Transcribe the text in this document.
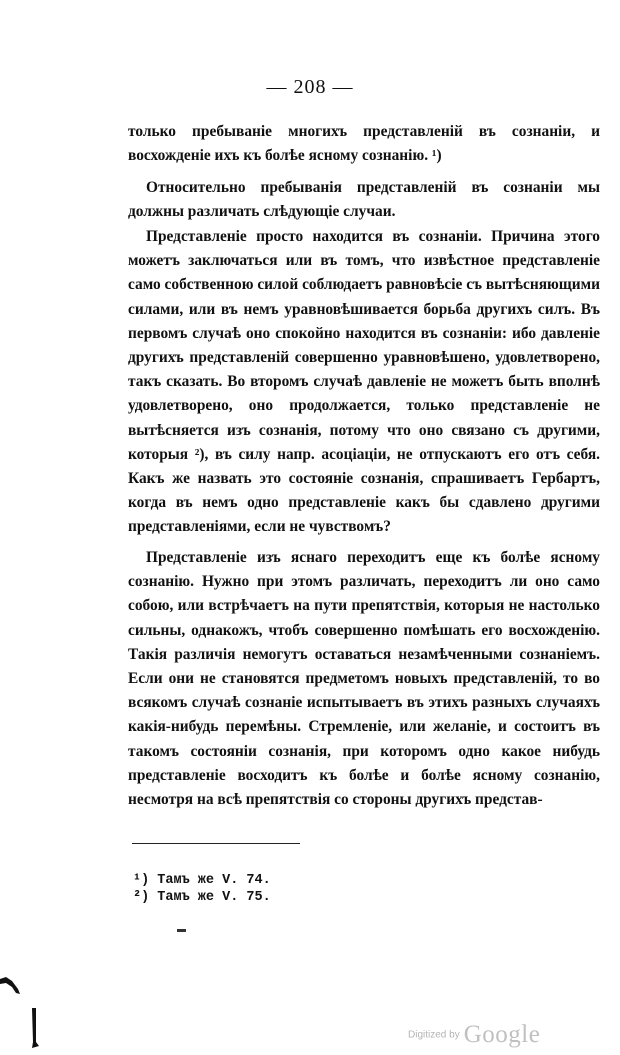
— 208 —

только пребыванiе многихъ представленiй въ сознанiи, и восхожденiе ихъ къ болѣе ясному сознанiю. ¹)

Относительно пребыванiя представленiй въ сознанiи мы должны различать слѣдующiе случаи.

Представленiе просто находится въ сознанiи. Причина этого можетъ заключаться или въ томъ, что извѣстное представленiе само собственною силой соблюдаетъ равновѣсiе съ вытѣсняющими силами, или въ немъ уравновѣшивается борьба другихъ силъ. Въ первомъ случаѣ оно спокойно находится въ сознанiи: ибо давленiе другихъ представленiй совершенно уравновѣшено, удовлетворено, такъ сказать. Во второмъ случаѣ давленiе не можетъ быть вполнѣ удовлетворено, оно продолжается, только представленiе не вытѣсняется изъ сознанiя, потому что оно связано съ другими, которыя ²), въ силу напр. асоцiацiи, не отпускаютъ его отъ себя. Какъ же назвать это состоянiе сознанiя, спрашиваетъ Гербартъ, когда въ немъ одно представленiе какъ бы сдавлено другими представленiями, если не чувствомъ?

Представленiе изъ яснаго переходитъ еще къ болѣе ясному сознанiю. Нужно при этомъ различать, переходитъ ли оно само собою, или встрѣчаетъ на пути препятствiя, которыя не настолько сильны, однакожъ, чтобъ совершенно помѣшать его восхожденiю. Такiя различiя немогутъ оставаться незамѣченными сознанiемъ. Если они не становятся предметомъ новыхъ представленiй, то во всякомъ случаѣ сознанiе испытываетъ въ этихъ разныхъ случаяхъ какiя-нибудь перемѣны. Стремленiе, или желанiе, и состоитъ въ такомъ состоянiи сознанiя, при которомъ одно какое нибудь представленiе восходитъ къ болѣе и болѣе ясному сознанiю, несмотря на всѣ препятствiя со стороны другихъ представ-

¹) Тамъ же V. 74.
²) Тамъ же V. 75.
Digitized by Google
